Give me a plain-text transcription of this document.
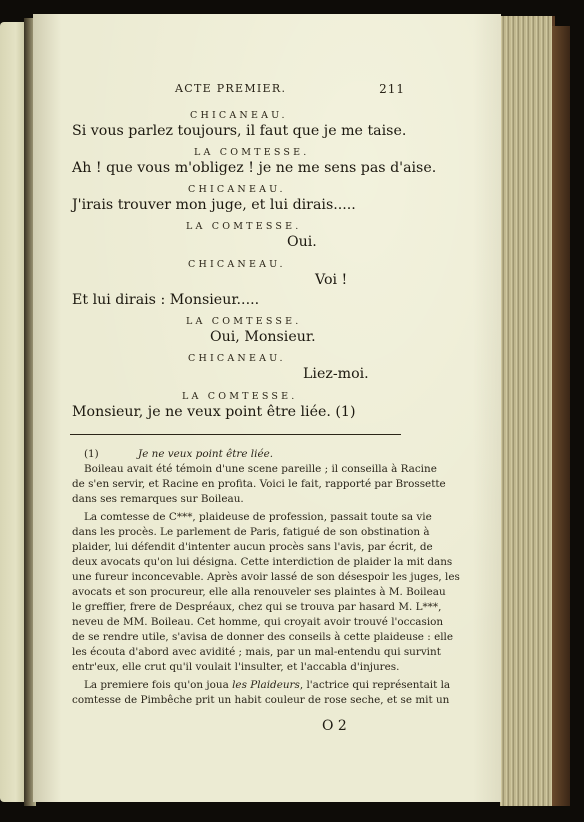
ACTE PREMIER.	211
CHICANEAU.
Si vous parlez toujours, il faut que je me taise.
LA COMTESSE.
Ah ! que vous m'obligez ! je ne me sens pas d'aise.
CHICANEAU.
J'irais trouver mon juge, et lui dirais.....
LA COMTESSE.
Oui.
CHICANEAU.
Voi !
Et lui dirais : Monsieur.....
LA COMTESSE.
Oui, Monsieur.
CHICANEAU.
Liez-moi.
LA COMTESSE.
Monsieur, je ne veux point être liée. (1)
(1)	Je ne veux point être liée.
Boileau avait été témoin d'une scene pareille ; il conseilla à Racine
de s'en servir, et Racine en profita. Voici le fait, rapporté par Brossette
dans ses remarques sur Boileau.
La comtesse de C***, plaideuse de profession, passait toute sa vie
dans les procès. Le parlement de Paris, fatigué de son obstination à
plaider, lui défendit d'intenter aucun procès sans l'avis, par écrit, de
deux avocats qu'on lui désigna. Cette interdiction de plaider la mit dans
une fureur inconcevable. Après avoir lassé de son désespoir les juges, les
avocats et son procureur, elle alla renouveler ses plaintes à M. Boileau
le greffier, frere de Despréaux, chez qui se trouva par hasard M. L***,
neveu de MM. Boileau. Cet homme, qui croyait avoir trouvé l'occasion
de se rendre utile, s'avisa de donner des conseils à cette plaideuse : elle
les écouta d'abord avec avidité ; mais, par un mal-entendu qui survint
entr'eux, elle crut qu'il voulait l'insulter, et l'accabla d'injures.
La premiere fois qu'on joua les Plaideurs, l'actrice qui représentait la
comtesse de Pimbêche prit un habit couleur de rose seche, et se mit un
O 2
